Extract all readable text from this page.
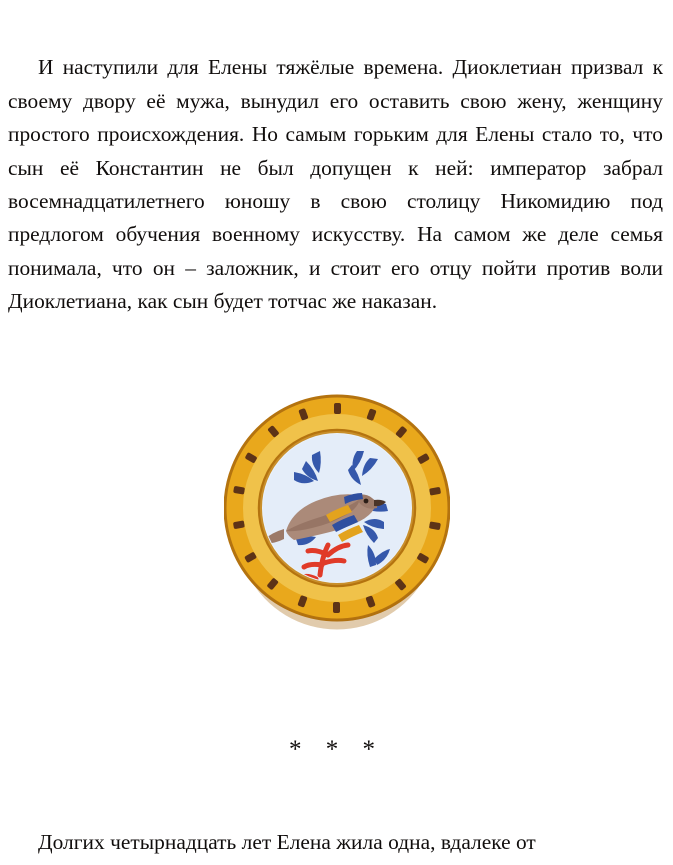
И наступили для Елены тяжёлые времена. Диоклетиан призвал к своему двору её мужа, вынудил его оставить свою жену, женщину простого происхождения. Но самым горьким для Елены стало то, что сын её Константин не был допущен к ней: император забрал восемнадцатилетнего юношу в свою столицу Никомидию под предлогом обучения военному искусству. На самом же деле семья понимала, что он – заложник, и стоит его отцу пойти против воли Диоклетиана, как сын будет тотчас же наказан.

* * *

Долгих четырнадцать лет Елена жила одна, вдалеке от
